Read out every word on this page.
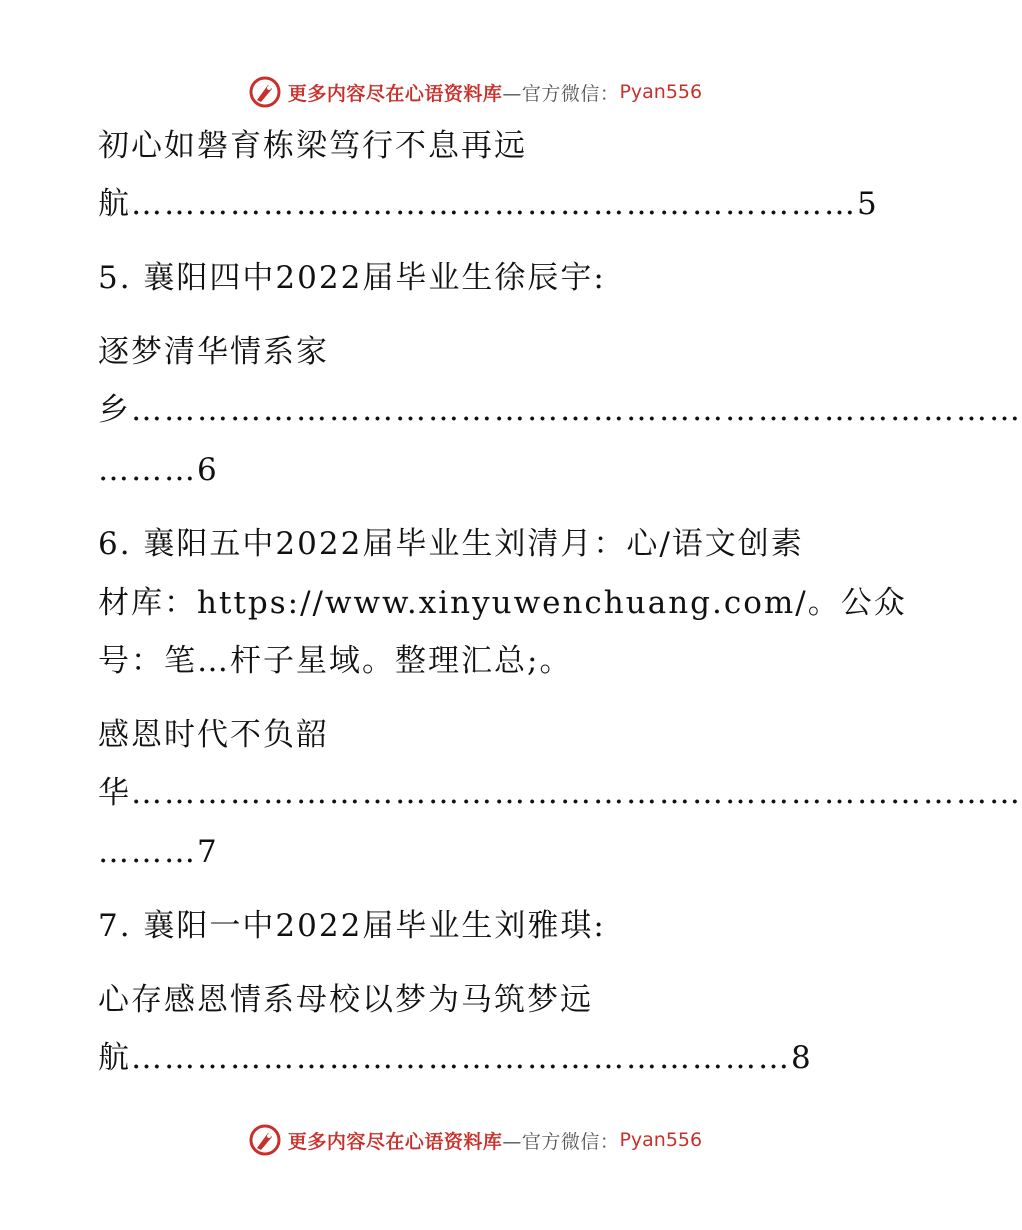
更多内容尽在心语资料库 —官方微信： Pyan556
初心如磐育栋梁笃行不息再远
航…………………………………………………………5
5. 襄阳四中2022届毕业生徐辰宇:
逐梦清华情系家
乡………………………………………………………………………
………6
6. 襄阳五中2022届毕业生刘清月：心/语文创素
材库：https://www.xinyuwenchuang.com/。公众
号：笔…杆子星域。整理汇总;。
感恩时代不负韶
华………………………………………………………………………
………7
7. 襄阳一中2022届毕业生刘雅琪:
心存感恩情系母校以梦为马筑梦远
航……………………………………………………8
更多内容尽在心语资料库 —官方微信： Pyan556
